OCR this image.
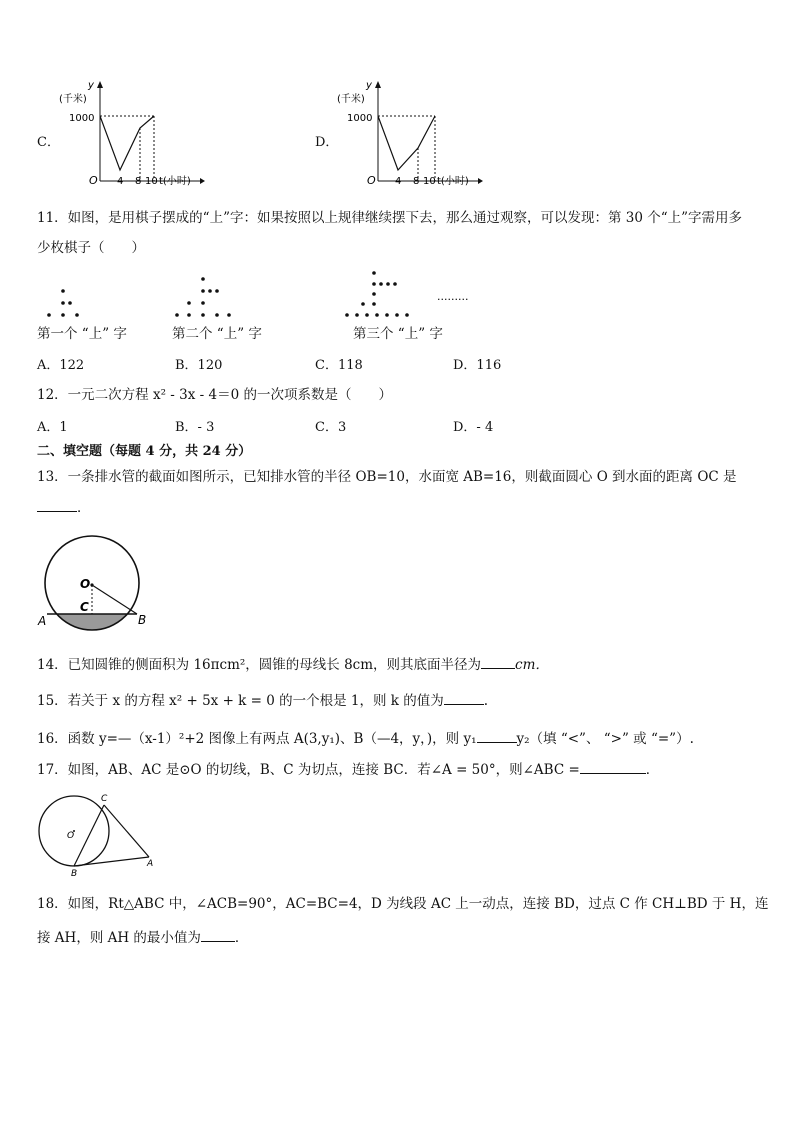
C．
y
(千米)
1000
O 4 8 10 t(小时)
D．
y
(千米)
1000
O 4 8 10 t(小时)
11．如图，是用棋子摆成的“上”字：如果按照以上规律继续摆下去，那么通过观察，可以发现：第 30 个“上”字需用多
少枚棋子（　　）
.........
第一个 “上” 字	第二个 “上” 字	第三个 “上” 字
A．122	B．120	C．118	D．116
12．一元二次方程 x² - 3x - 4＝0 的一次项系数是（　　）
A．1	B．- 3	C．3	D．- 4
二、填空题（每题 4 分，共 24 分）
13．一条排水管的截面如图所示，已知排水管的半径 OB=10，水面宽 AB=16，则截面圆心 O 到水面的距离 OC 是
．
O
C
A	B
14．已知圆锥的侧面积为 16πcm²，圆锥的母线长 8cm，则其底面半径为	cm．
15．若关于 x 的方程 x² + 5x + k = 0 的一个根是 1，则 k 的值为	.
16．函数 y=—（x-1）²+2 图像上有两点 A(3,y₁)、B（—4，y，)，则 y₁	y₂（填 “<”、 “>” 或 “=”）.
17．如图，AB、AC 是⊙O 的切线，B、C 为切点，连接 BC．若∠A = 50°，则∠ABC =	．
C
O
B
A
18．如图，Rt△ABC 中，∠ACB=90°，AC=BC=4，D 为线段 AC 上一动点，连接 BD，过点 C 作 CH⊥BD 于 H，连
接 AH，则 AH 的最小值为	．
